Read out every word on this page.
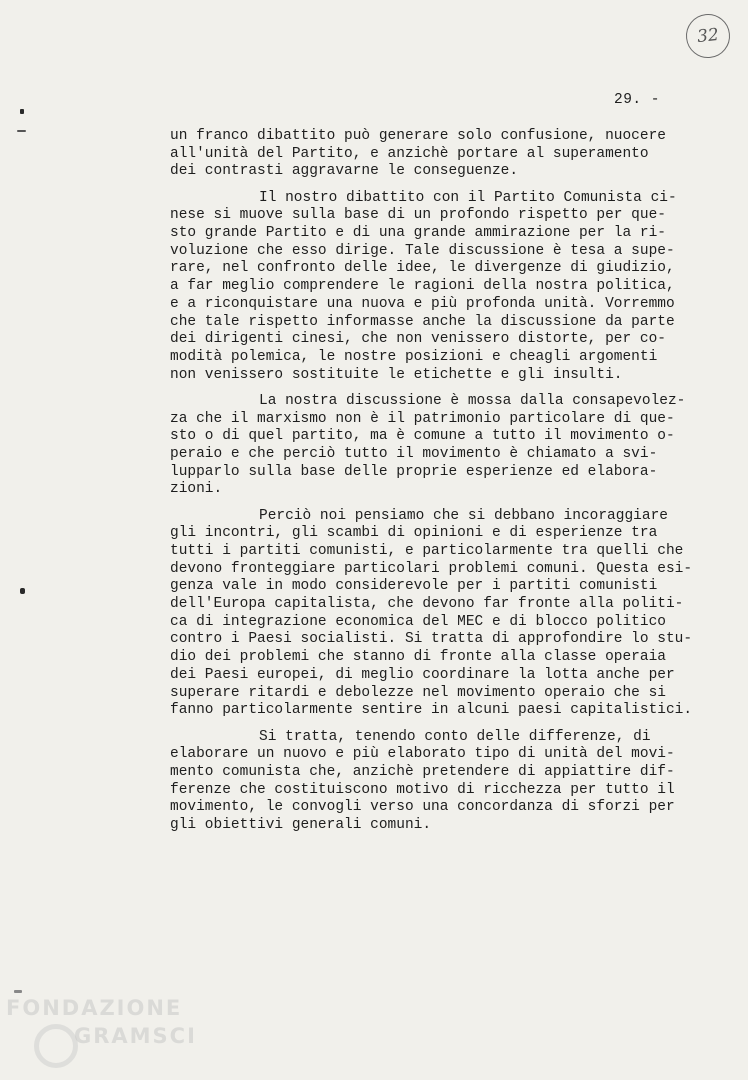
32
29. -
un franco dibattito può generare solo confusione, nuocere
all'unità del Partito, e anzichè portare al superamento
dei contrasti aggravarne le conseguenze.
Il nostro dibattito con il Partito Comunista ci-
nese si muove sulla base di un profondo rispetto per que-
sto grande Partito e di una grande ammirazione per la ri-
voluzione che esso dirige. Tale discussione è tesa a supe-
rare, nel confronto delle idee, le divergenze di giudizio,
a far meglio comprendere le ragioni della nostra politica,
e a riconquistare una nuova e più profonda unità. Vorremmo
che tale rispetto informasse anche la discussione da parte
dei dirigenti cinesi, che non venissero distorte, per co-
modità polemica, le nostre posizioni e cheagli argomenti
non venissero sostituite le etichette e gli insulti.
La nostra discussione è mossa dalla consapevolez-
za che il marxismo non è il patrimonio particolare di que-
sto o di quel partito, ma è comune a tutto il movimento o-
peraio e che perciò tutto il movimento è chiamato a svi-
lupparlo sulla base delle proprie esperienze ed elabora-
zioni.
Perciò noi pensiamo che si debbano incoraggiare
gli incontri, gli scambi di opinioni e di esperienze tra
tutti i partiti comunisti, e particolarmente tra quelli che
devono fronteggiare particolari problemi comuni. Questa esi-
genza vale in modo considerevole per i partiti comunisti
dell'Europa capitalista, che devono far fronte alla politi-
ca di integrazione economica del MEC e di blocco politico
contro i Paesi socialisti. Si tratta di approfondire lo stu-
dio dei problemi che stanno di fronte alla classe operaia
dei Paesi europei, di meglio coordinare la lotta anche per
superare ritardi e debolezze nel movimento operaio che si
fanno particolarmente sentire in alcuni paesi capitalistici.
Si tratta, tenendo conto delle differenze, di
elaborare un nuovo e più elaborato tipo di unità del movi-
mento comunista che, anzichè pretendere di appiattire dif-
ferenze che costituiscono motivo di ricchezza per tutto il
movimento, le convogli verso una concordanza di sforzi per
gli obiettivi generali comuni.
FONDAZIONE
GRAMSCI
